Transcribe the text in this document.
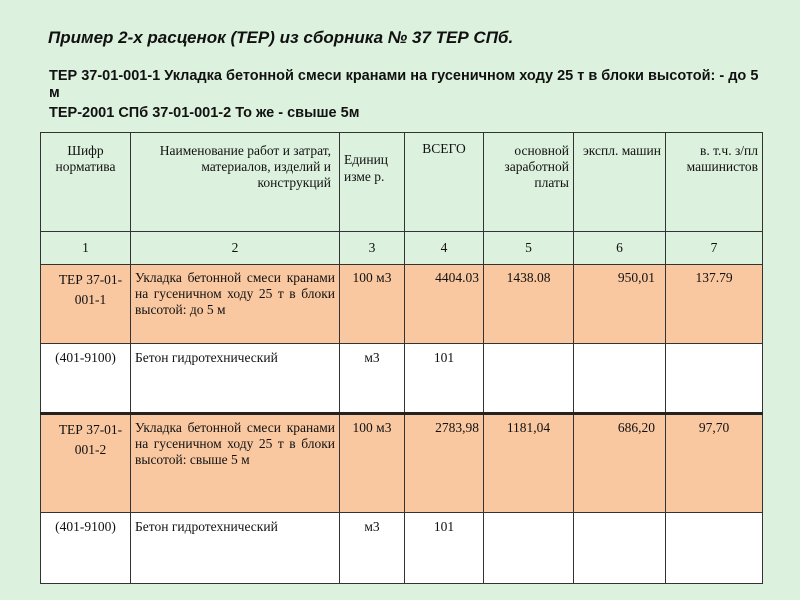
Пример 2-х расценок (ТЕР) из сборника № 37 ТЕР СПб.
ТЕР 37-01-001-1 Укладка бетонной смеси кранами на гусеничном ходу 25 т в блоки высотой: - до 5 м
ТЕР-2001 СПб 37-01-001-2 То же - свыше 5м
Шифр норматива	Наименование работ и затрат, материалов, изделий и конструкций	Единиц изме р.	ВСЕГО	основной заработной платы	экспл. машин	в. т.ч. з/пл машинистов
1	2	3	4	5	6	7
ТЕР 37-01-001-1	Укладка бетонной смеси кранами на гусеничном ходу 25 т в блоки высотой: до 5 м	100 м3	4404.03	1438.08	950,01	137.79
(401-9100)	Бетон гидротехнический	м3	101			
ТЕР 37-01-001-2	Укладка бетонной смеси кранами на гусеничном ходу 25 т в блоки высотой: свыше 5 м	100 м3	2783,98	1181,04	686,20	97,70
(401-9100)	Бетон гидротехнический	м3	101			
